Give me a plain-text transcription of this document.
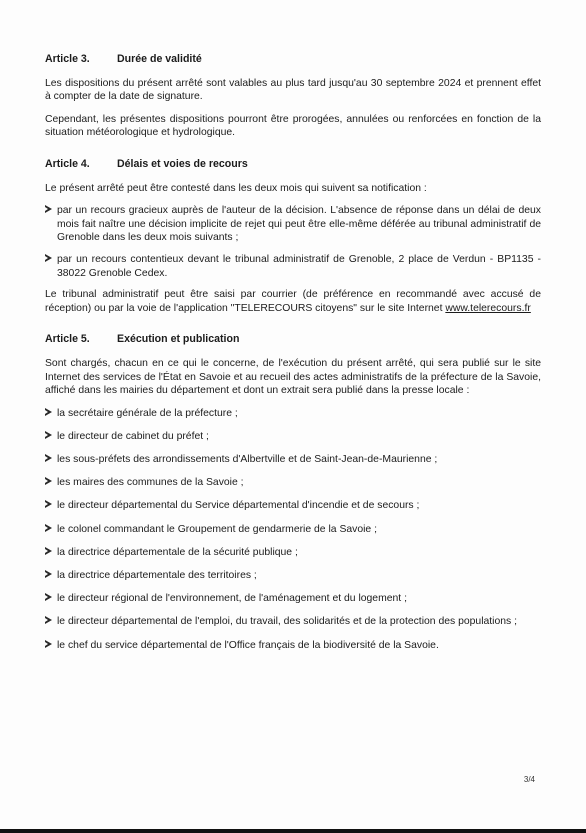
Article 3.	Durée de validité

Les dispositions du présent arrêté sont valables au plus tard jusqu'au 30 septembre 2024 et prennent effet à compter de la date de signature.

Cependant, les présentes dispositions pourront être prorogées, annulées ou renforcées en fonction de la situation météorologique et hydrologique.

Article 4.	Délais et voies de recours

Le présent arrêté peut être contesté dans les deux mois qui suivent sa notification :

par un recours gracieux auprès de l'auteur de la décision. L'absence de réponse dans un délai de deux mois fait naître une décision implicite de rejet qui peut être elle-même déférée au tribunal administratif de Grenoble dans les deux mois suivants ;
par un recours contentieux devant le tribunal administratif de Grenoble, 2 place de Verdun - BP1135 - 38022 Grenoble Cedex.

Le tribunal administratif peut être saisi par courrier (de préférence en recommandé avec accusé de réception) ou par la voie de l'application "TELERECOURS citoyens" sur le site Internet www.telerecours.fr

Article 5.	Exécution et publication

Sont chargés, chacun en ce qui le concerne, de l'exécution du présent arrêté, qui sera publié sur le site Internet des services de l'État en Savoie et au recueil des actes administratifs de la préfecture de la Savoie, affiché dans les mairies du département et dont un extrait sera publié dans la presse locale :

la secrétaire générale de la préfecture ;
le directeur de cabinet du préfet ;
les sous-préfets des arrondissements d'Albertville et de Saint-Jean-de-Maurienne ;
les maires des communes de la Savoie ;
le directeur départemental du Service départemental d'incendie et de secours ;
le colonel commandant le Groupement de gendarmerie de la Savoie ;
la directrice départementale de la sécurité publique ;
la directrice départementale des territoires ;
le directeur régional de l'environnement, de l'aménagement et du logement ;
le directeur départemental de l'emploi, du travail, des solidarités et de la protection des populations ;
le chef du service départemental de l'Office français de la biodiversité de la Savoie.
3/4
